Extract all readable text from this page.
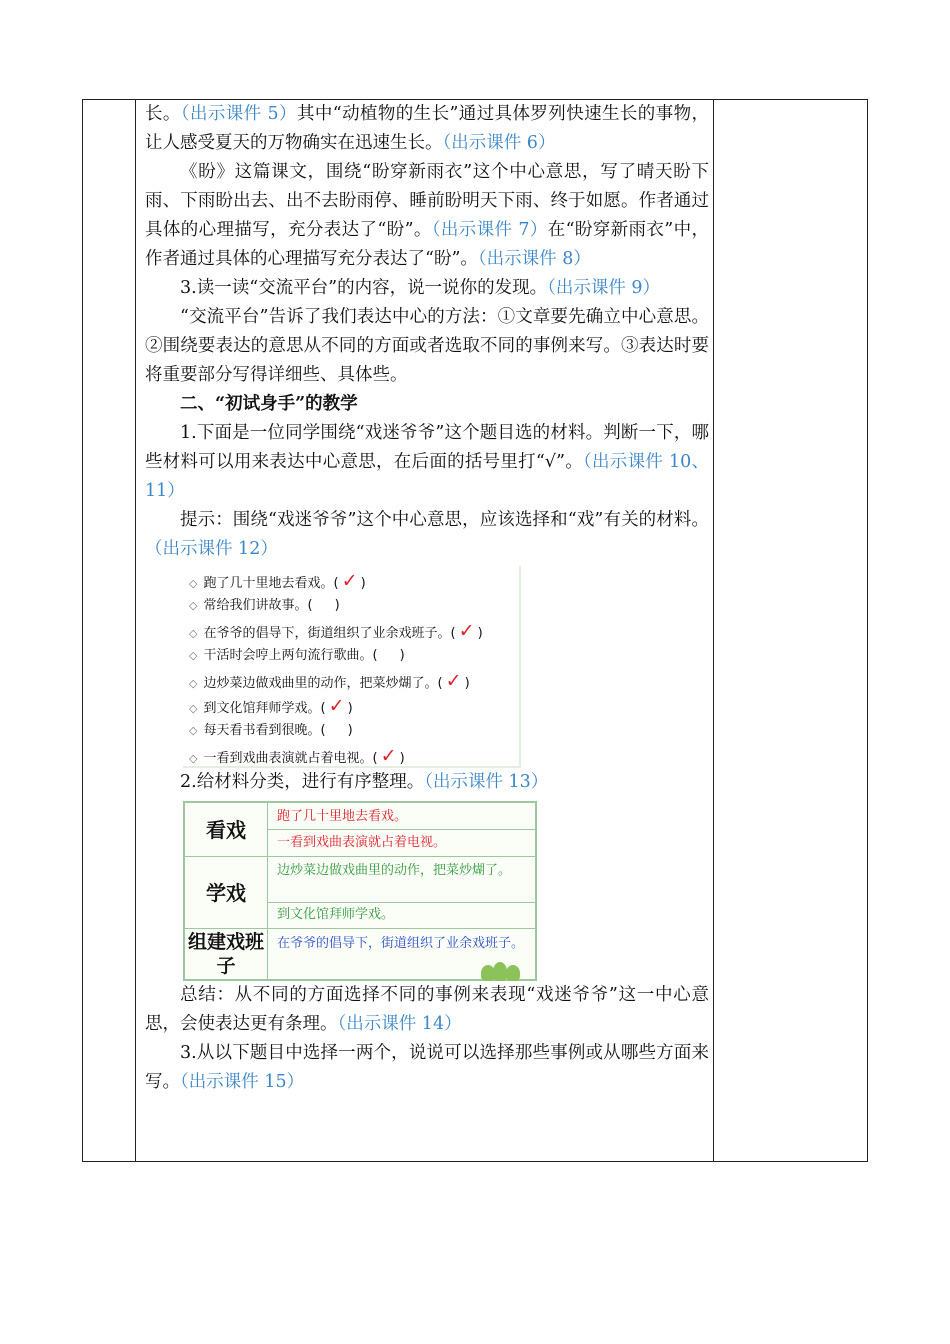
长。（出示课件 5）其中“动植物的生长”通过具体罗列快速生长的事物，让人感受夏天的万物确实在迅速生长。（出示课件 6）

《盼》这篇课文，围绕“盼穿新雨衣”这个中心意思，写了晴天盼下雨、下雨盼出去、出不去盼雨停、睡前盼明天下雨、终于如愿。作者通过具体的心理描写，充分表达了“盼”。（出示课件 7）在“盼穿新雨衣”中，作者通过具体的心理描写充分表达了“盼”。（出示课件 8）

3.读一读“交流平台”的内容，说一说你的发现。（出示课件 9）

“交流平台”告诉了我们表达中心的方法：①文章要先确立中心意思。②围绕要表达的意思从不同的方面或者选取不同的事例来写。③表达时要将重要部分写得详细些、具体些。

二、“初试身手”的教学

1.下面是一位同学围绕“戏迷爷爷”这个题目选的材料。判断一下，哪些材料可以用来表达中心意思，在后面的括号里打“√”。（出示课件 10、11）

提示：围绕“戏迷爷爷”这个中心意思，应该选择和“戏”有关的材料。（出示课件 12）

◇ 跑了几十里地去看戏。( ✓ )
◇ 常给我们讲故事。( )
◇ 在爷爷的倡导下，街道组织了业余戏班子。( ✓ )
◇ 干活时会哼上两句流行歌曲。( )
◇ 边炒菜边做戏曲里的动作，把菜炒煳了。( ✓ )
◇ 到文化馆拜师学戏。( ✓ )
◇ 每天看书看到很晚。( )
◇ 一看到戏曲表演就占着电视。( ✓ )

2.给材料分类，进行有序整理。（出示课件 13）

看戏
跑了几十里地去看戏。
一看到戏曲表演就占着电视。
学戏
边炒菜边做戏曲里的动作，把菜炒煳了。
到文化馆拜师学戏。
组建戏班子
在爷爷的倡导下，街道组织了业余戏班子。

总结：从不同的方面选择不同的事例来表现“戏迷爷爷”这一中心意思，会使表达更有条理。（出示课件 14）

3.从以下题目中选择一两个，说说可以选择那些事例或从哪些方面来写。（出示课件 15）
